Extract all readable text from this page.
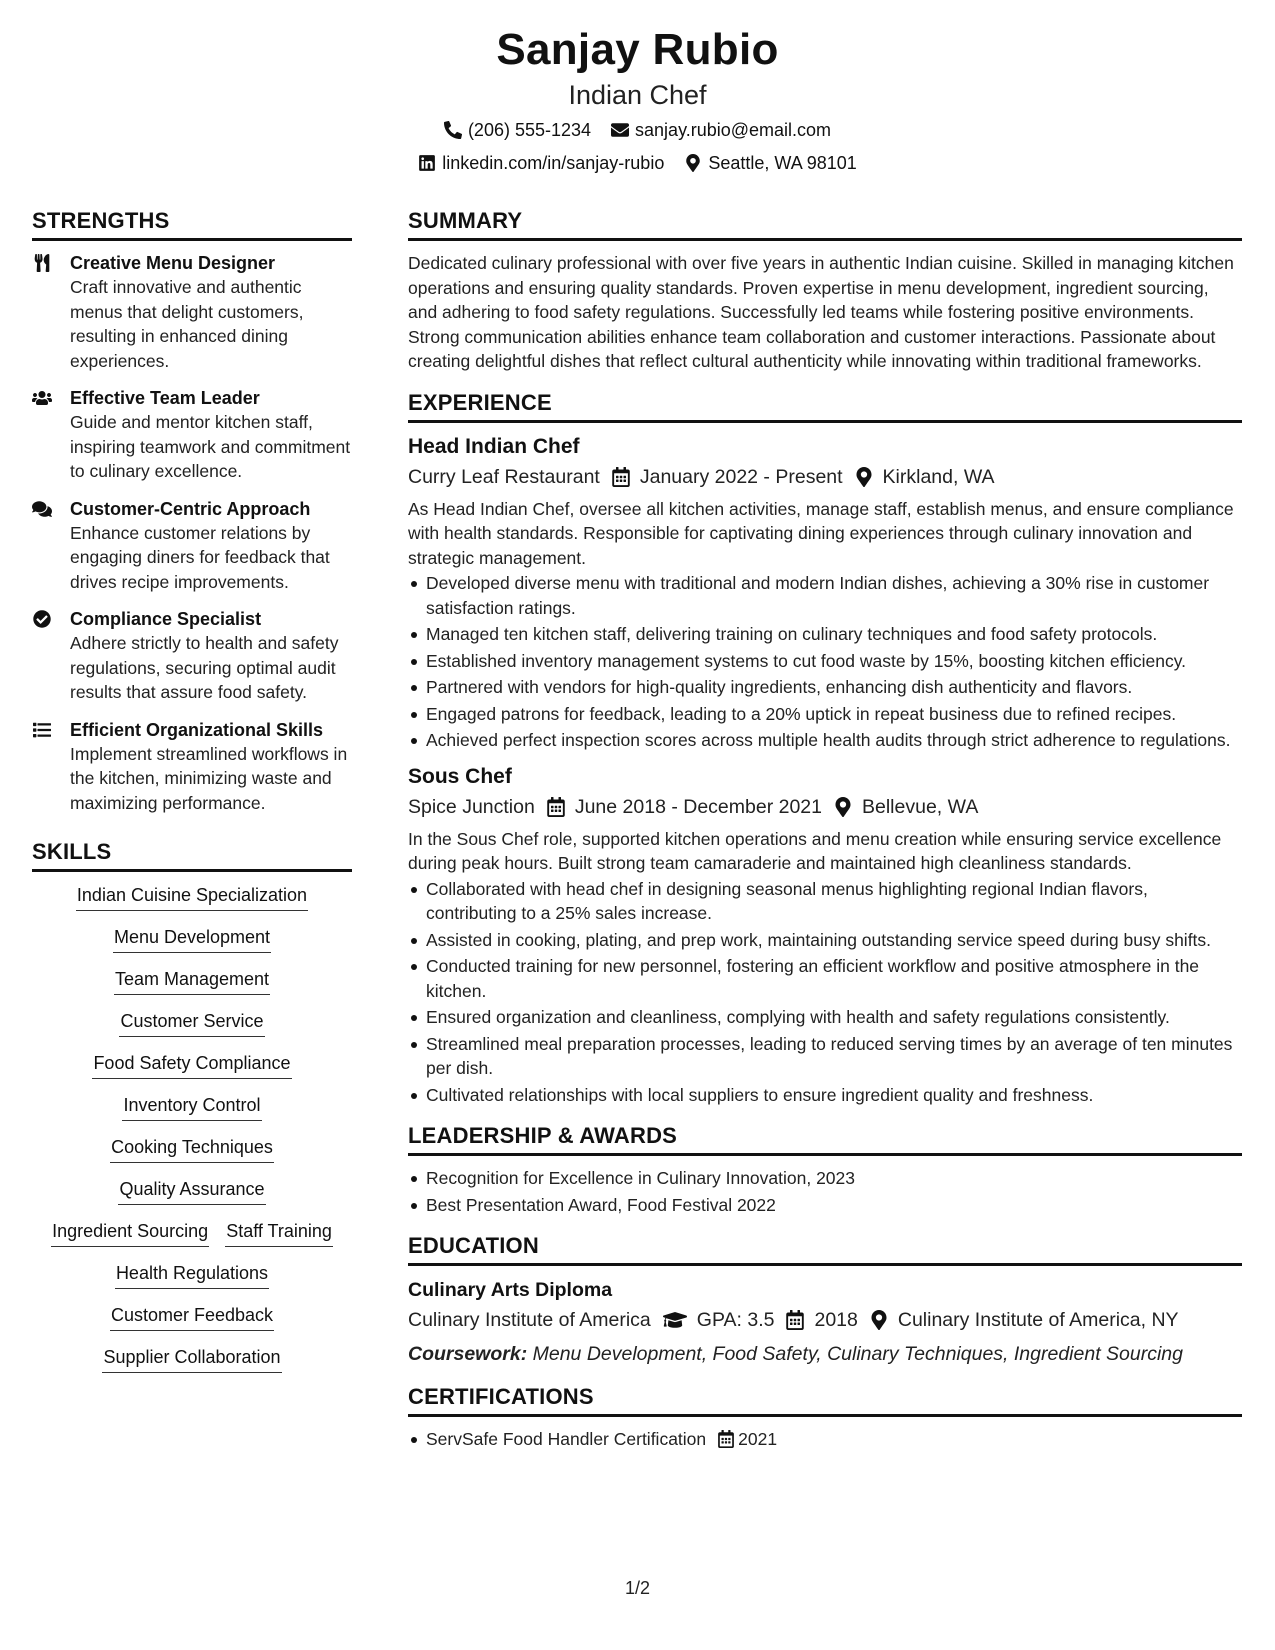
Sanjay Rubio
Indian Chef
(206) 555-1234 sanjay.rubio@email.com
linkedin.com/in/sanjay-rubio Seattle, WA 98101
STRENGTHS
Creative Menu Designer
Craft innovative and authentic menus that delight customers, resulting in enhanced dining experiences.
Effective Team Leader
Guide and mentor kitchen staff, inspiring teamwork and commitment to culinary excellence.
Customer-Centric Approach
Enhance customer relations by engaging diners for feedback that drives recipe improvements.
Compliance Specialist
Adhere strictly to health and safety regulations, securing optimal audit results that assure food safety.
Efficient Organizational Skills
Implement streamlined workflows in the kitchen, minimizing waste and maximizing performance.
SKILLS
Indian Cuisine Specialization
Menu Development
Team Management
Customer Service
Food Safety Compliance
Inventory Control
Cooking Techniques
Quality Assurance
Ingredient Sourcing Staff Training
Health Regulations
Customer Feedback
Supplier Collaboration
SUMMARY
Dedicated culinary professional with over five years in authentic Indian cuisine. Skilled in managing kitchen operations and ensuring quality standards. Proven expertise in menu development, ingredient sourcing, and adhering to food safety regulations. Successfully led teams while fostering positive environments. Strong communication abilities enhance team collaboration and customer interactions. Passionate about creating delightful dishes that reflect cultural authenticity while innovating within traditional frameworks.
EXPERIENCE
Head Indian Chef
Curry Leaf Restaurant January 2022 - Present Kirkland, WA
As Head Indian Chef, oversee all kitchen activities, manage staff, establish menus, and ensure compliance with health standards. Responsible for captivating dining experiences through culinary innovation and strategic management.
Developed diverse menu with traditional and modern Indian dishes, achieving a 30% rise in customer satisfaction ratings.
Managed ten kitchen staff, delivering training on culinary techniques and food safety protocols.
Established inventory management systems to cut food waste by 15%, boosting kitchen efficiency.
Partnered with vendors for high-quality ingredients, enhancing dish authenticity and flavors.
Engaged patrons for feedback, leading to a 20% uptick in repeat business due to refined recipes.
Achieved perfect inspection scores across multiple health audits through strict adherence to regulations.
Sous Chef
Spice Junction June 2018 - December 2021 Bellevue, WA
In the Sous Chef role, supported kitchen operations and menu creation while ensuring service excellence during peak hours. Built strong team camaraderie and maintained high cleanliness standards.
Collaborated with head chef in designing seasonal menus highlighting regional Indian flavors, contributing to a 25% sales increase.
Assisted in cooking, plating, and prep work, maintaining outstanding service speed during busy shifts.
Conducted training for new personnel, fostering an efficient workflow and positive atmosphere in the kitchen.
Ensured organization and cleanliness, complying with health and safety regulations consistently.
Streamlined meal preparation processes, leading to reduced serving times by an average of ten minutes per dish.
Cultivated relationships with local suppliers to ensure ingredient quality and freshness.
LEADERSHIP & AWARDS
Recognition for Excellence in Culinary Innovation, 2023
Best Presentation Award, Food Festival 2022
EDUCATION
Culinary Arts Diploma
Culinary Institute of America GPA: 3.5 2018 Culinary Institute of America, NY
Coursework: Menu Development, Food Safety, Culinary Techniques, Ingredient Sourcing
CERTIFICATIONS
ServSafe Food Handler Certification 2021
1/2
